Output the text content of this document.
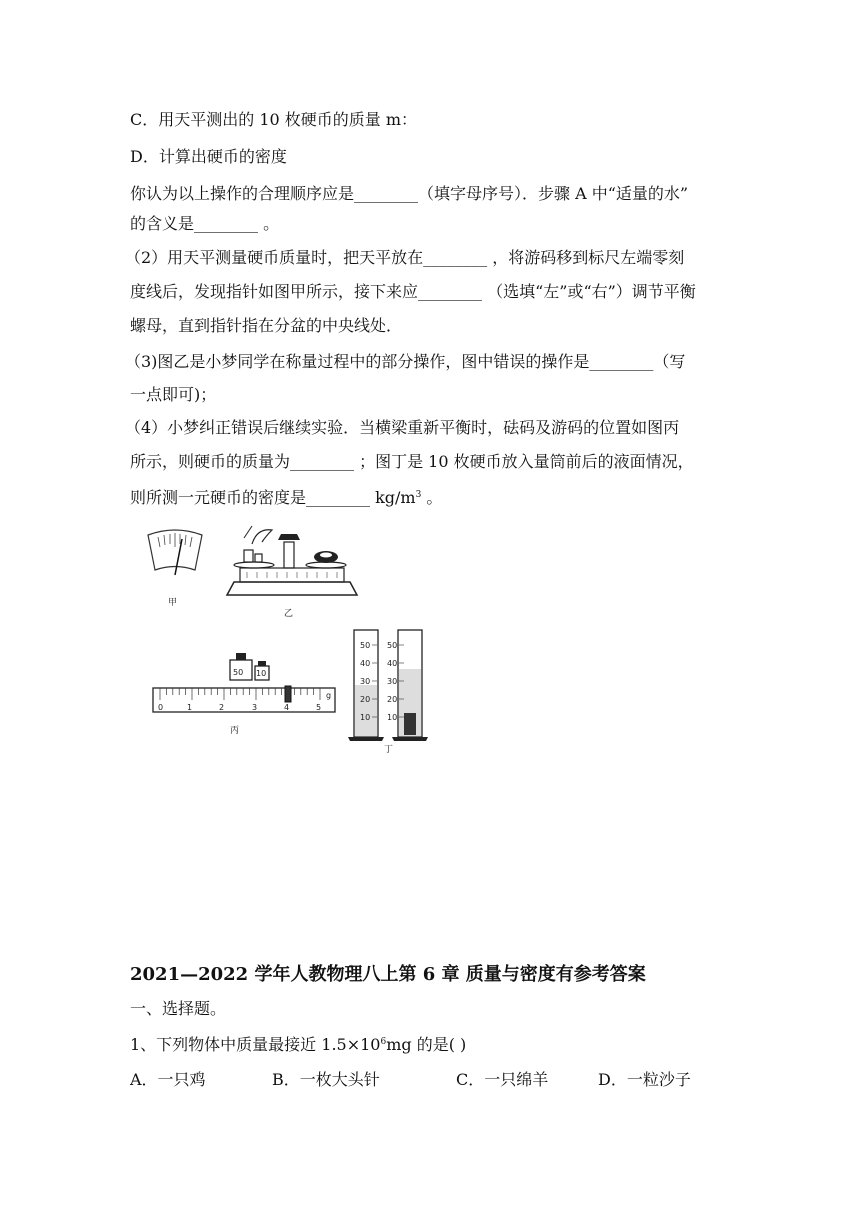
C．用天平测出的 10 枚硬币的质量 m：
D．计算出硬币的密度
你认为以上操作的合理顺序应是________（填字母序号）．步骤 A 中“适量的水”
的含义是________ 。
（2）用天平测量硬币质量时，把天平放在________ ，将游码移到标尺左端零刻
度线后，发现指针如图甲所示，接下来应________ （选填“左”或“右”）调节平衡
螺母，直到指针指在分盆的中央线处．
（3)图乙是小梦同学在称量过程中的部分操作，图中错误的操作是________（写
一点即可)；
（4）小梦纠正错误后继续实验．当横梁重新平衡时，砝码及游码的位置如图丙
所示，则硬币的质量为________ ；图丁是 10 枚硬币放入量筒前后的液面情况，
则所测一元硬币的密度是________ $kg/m^3$ 。
甲
乙
50 10
0	1	2	3	4	5
g
丙
50
40
30
20
10
50
40
30
20
10
丁
2021—2022 学年人教物理八上第 6 章 质量与密度有参考答案
一、选择题。
1、下列物体中质量最接近 $1.5\times 10^6mg$ 的是( )
A．一只鸡	B．一枚大头针	C．一只绵羊	D．一粒沙子
